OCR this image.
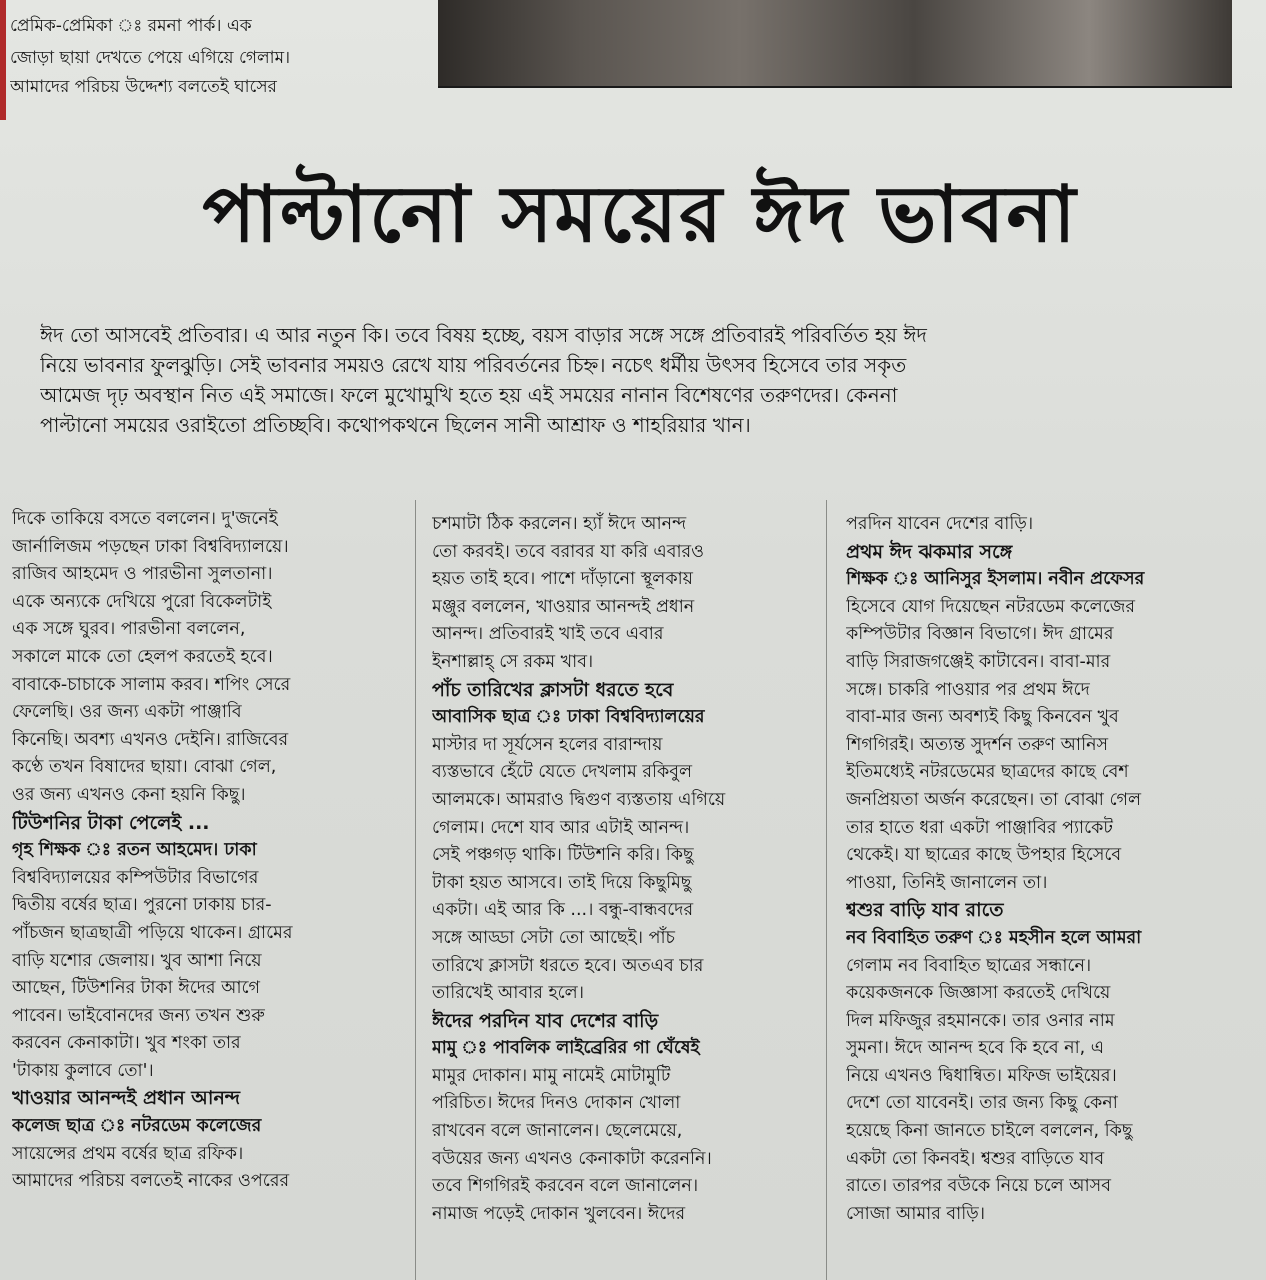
প্রেমিক-প্রেমিকা ঃ রমনা পার্ক। এক
জোড়া ছায়া দেখতে পেয়ে এগিয়ে গেলাম।
আমাদের পরিচয় উদ্দেশ্য বলতেই ঘাসের
পাল্টানো সময়ের ঈদ ভাবনা
ঈদ তো আসবেই প্রতিবার। এ আর নতুন কি। তবে বিষয় হচ্ছে, বয়স বাড়ার সঙ্গে সঙ্গে প্রতিবারই পরিবর্তিত হয় ঈদ
নিয়ে ভাবনার ফুলঝুড়ি। সেই ভাবনার সময়ও রেখে যায় পরিবর্তনের চিহ্ন। নচেৎ ধর্মীয় উৎসব হিসেবে তার সকৃত
আমেজ দৃঢ় অবস্থান নিত এই সমাজে। ফলে মুখোমুখি হতে হয় এই সময়ের নানান বিশেষণের তরুণদের। কেননা
পাল্টানো সময়ের ওরাইতো প্রতিচ্ছবি। কথোপকথনে ছিলেন সানী আশ্রাফ ও শাহরিয়ার খান।
দিকে তাকিয়ে বসতে বললেন। দু'জনেই
জার্নালিজম পড়ছেন ঢাকা বিশ্ববিদ্যালয়ে।
রাজিব আহমেদ ও পারভীনা সুলতানা।
একে অন্যকে দেখিয়ে পুরো বিকেলটাই
এক সঙ্গে ঘুরব। পারভীনা বললেন,
সকালে মাকে তো হেলপ করতেই হবে।
বাবাকে-চাচাকে সালাম করব। শপিং সেরে
ফেলেছি। ওর জন্য একটা পাঞ্জাবি
কিনেছি। অবশ্য এখনও দেইনি। রাজিবের
কণ্ঠে তখন বিষাদের ছায়া। বোঝা গেল,
ওর জন্য এখনও কেনা হয়নি কিছু।
টিউশনির টাকা পেলেই ...
গৃহ শিক্ষক ঃ রতন আহমেদ। ঢাকা
বিশ্ববিদ্যালয়ের কম্পিউটার বিভাগের
দ্বিতীয় বর্ষের ছাত্র। পুরনো ঢাকায় চার-
পাঁচজন ছাত্রছাত্রী পড়িয়ে থাকেন। গ্রামের
বাড়ি যশোর জেলায়। খুব আশা নিয়ে
আছেন, টিউশনির টাকা ঈদের আগে
পাবেন। ভাইবোনদের জন্য তখন শুরু
করবেন কেনাকাটা। খুব শংকা তার
'টাকায় কুলাবে তো'।
খাওয়ার আনন্দই প্রধান আনন্দ
কলেজ ছাত্র ঃ নটরডেম কলেজের
সায়েন্সের প্রথম বর্ষের ছাত্র রফিক।
আমাদের পরিচয় বলতেই নাকের ওপরের
চশমাটা ঠিক করলেন। হ্যাঁ ঈদে আনন্দ
তো করবই। তবে বরাবর যা করি এবারও
হয়ত তাই হবে। পাশে দাঁড়ানো স্থূলকায়
মঞ্জুর বললেন, খাওয়ার আনন্দই প্রধান
আনন্দ। প্রতিবারই খাই তবে এবার
ইনশাল্লাহ্ সে রকম খাব।
পাঁচ তারিখের ক্লাসটা ধরতে হবে
আবাসিক ছাত্র ঃ ঢাকা বিশ্ববিদ্যালয়ের
মাস্টার দা সূর্যসেন হলের বারান্দায়
ব্যস্তভাবে হেঁটে যেতে দেখলাম রকিবুল
আলমকে। আমরাও দ্বিগুণ ব্যস্ততায় এগিয়ে
গেলাম। দেশে যাব আর এটাই আনন্দ।
সেই পঞ্চগড় থাকি। টিউশনি করি। কিছু
টাকা হয়ত আসবে। তাই দিয়ে কিছুমিছু
একটা। এই আর কি ...। বন্ধু-বান্ধবদের
সঙ্গে আড্ডা সেটা তো আছেই। পাঁচ
তারিখে ক্লাসটা ধরতে হবে। অতএব চার
তারিখেই আবার হলে।
ঈদের পরদিন যাব দেশের বাড়ি
মামু ঃ পাবলিক লাইব্রেরির গা ঘেঁষেই
মামুর দোকান। মামু নামেই মোটামুটি
পরিচিত। ঈদের দিনও দোকান খোলা
রাখবেন বলে জানালেন। ছেলেমেয়ে,
বউয়ের জন্য এখনও কেনাকাটা করেননি।
তবে শিগগিরই করবেন বলে জানালেন।
নামাজ পড়েই দোকান খুলবেন। ঈদের
পরদিন যাবেন দেশের বাড়ি।
প্রথম ঈদ ঝকমার সঙ্গে
শিক্ষক ঃ আনিসুর ইসলাম। নবীন প্রফেসর
হিসেবে যোগ দিয়েছেন নটরডেম কলেজের
কম্পিউটার বিজ্ঞান বিভাগে। ঈদ গ্রামের
বাড়ি সিরাজগঞ্জেই কাটাবেন। বাবা-মার
সঙ্গে। চাকরি পাওয়ার পর প্রথম ঈদে
বাবা-মার জন্য অবশ্যই কিছু কিনবেন খুব
শিগগিরই। অত্যন্ত সুদর্শন তরুণ আনিস
ইতিমধ্যেই নটরডেমের ছাত্রদের কাছে বেশ
জনপ্রিয়তা অর্জন করেছেন। তা বোঝা গেল
তার হাতে ধরা একটা পাঞ্জাবির প্যাকেট
থেকেই। যা ছাত্রের কাছে উপহার হিসেবে
পাওয়া, তিনিই জানালেন তা।
শ্বশুর বাড়ি যাব রাতে
নব বিবাহিত তরুণ ঃ মহসীন হলে আমরা
গেলাম নব বিবাহিত ছাত্রের সন্ধানে।
কয়েকজনকে জিজ্ঞাসা করতেই দেখিয়ে
দিল মফিজুর রহমানকে। তার ওনার নাম
সুমনা। ঈদে আনন্দ হবে কি হবে না, এ
নিয়ে এখনও দ্বিধান্বিত। মফিজ ভাইয়ের।
দেশে তো যাবেনই। তার জন্য কিছু কেনা
হয়েছে কিনা জানতে চাইলে বললেন, কিছু
একটা তো কিনবই। শ্বশুর বাড়িতে যাব
রাতে। তারপর বউকে নিয়ে চলে আসব
সোজা আমার বাড়ি।
